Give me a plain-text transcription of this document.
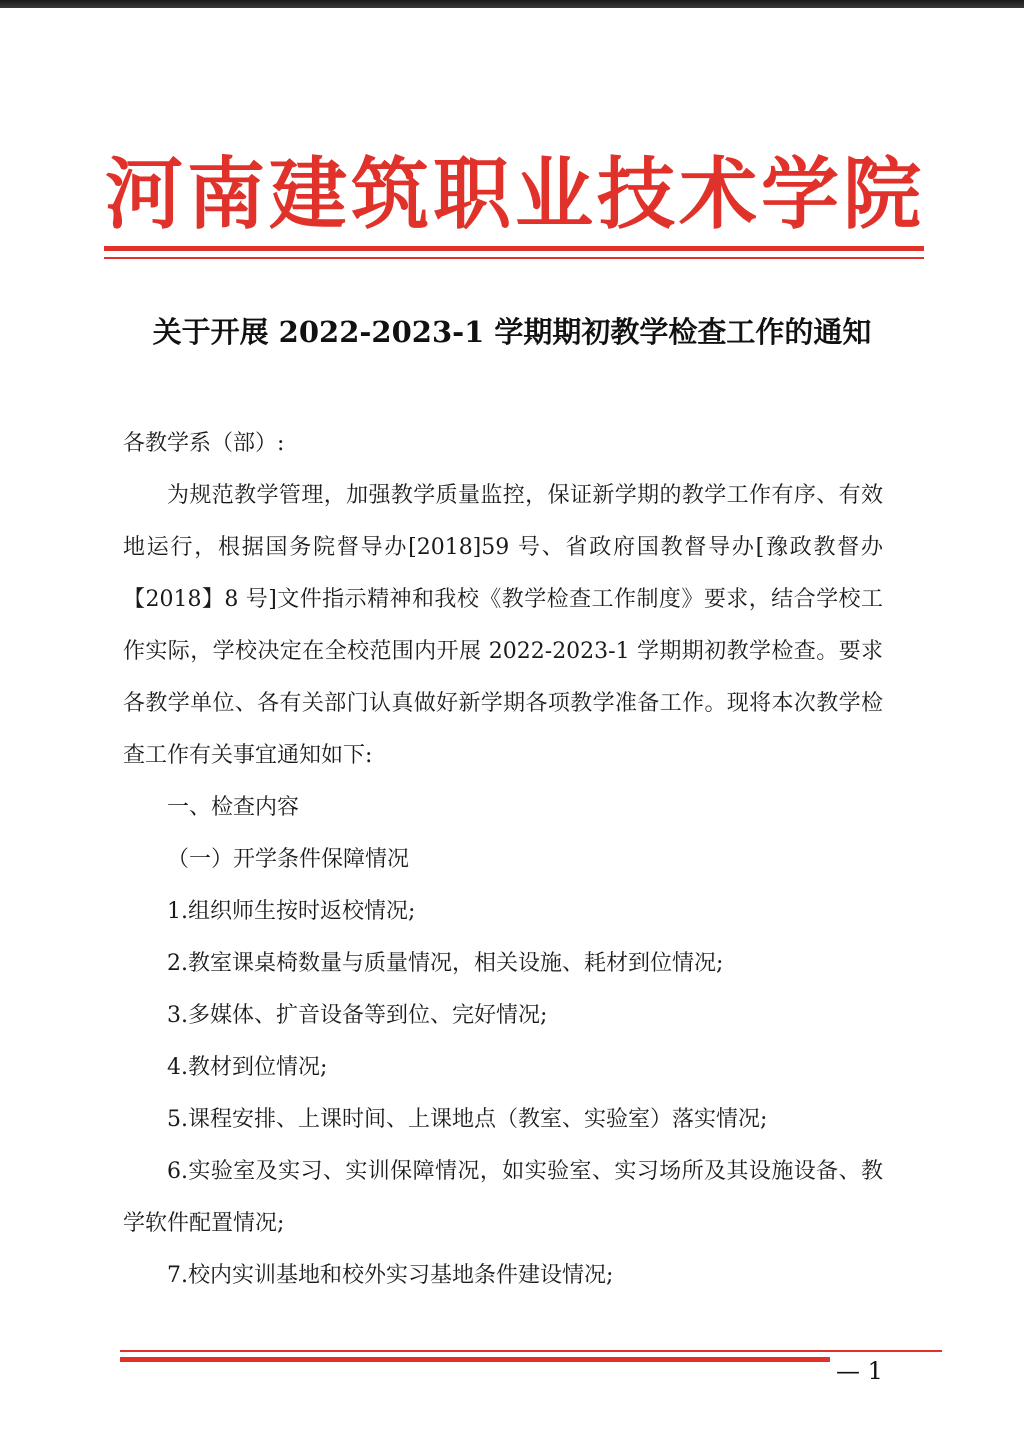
河南建筑职业技术学院
关于开展 2022-2023-1 学期期初教学检查工作的通知

各教学系（部）:

为规范教学管理，加强教学质量监控，保证新学期的教学工作有序、有效地运行，根据国务院督导办[2018]59 号、省政府国教督导办[豫政教督办【2018】8 号]文件指示精神和我校《教学检查工作制度》要求，结合学校工作实际，学校决定在全校范围内开展 2022-2023-1 学期期初教学检查。要求各教学单位、各有关部门认真做好新学期各项教学准备工作。现将本次教学检查工作有关事宜通知如下:

一、检查内容

（一）开学条件保障情况

1.组织师生按时返校情况;

2.教室课桌椅数量与质量情况，相关设施、耗材到位情况;

3.多媒体、扩音设备等到位、完好情况;

4.教材到位情况;

5.课程安排、上课时间、上课地点（教室、实验室）落实情况;

6.实验室及实习、实训保障情况，如实验室、实习场所及其设施设备、教学软件配置情况;

7.校内实训基地和校外实习基地条件建设情况;

— 1
